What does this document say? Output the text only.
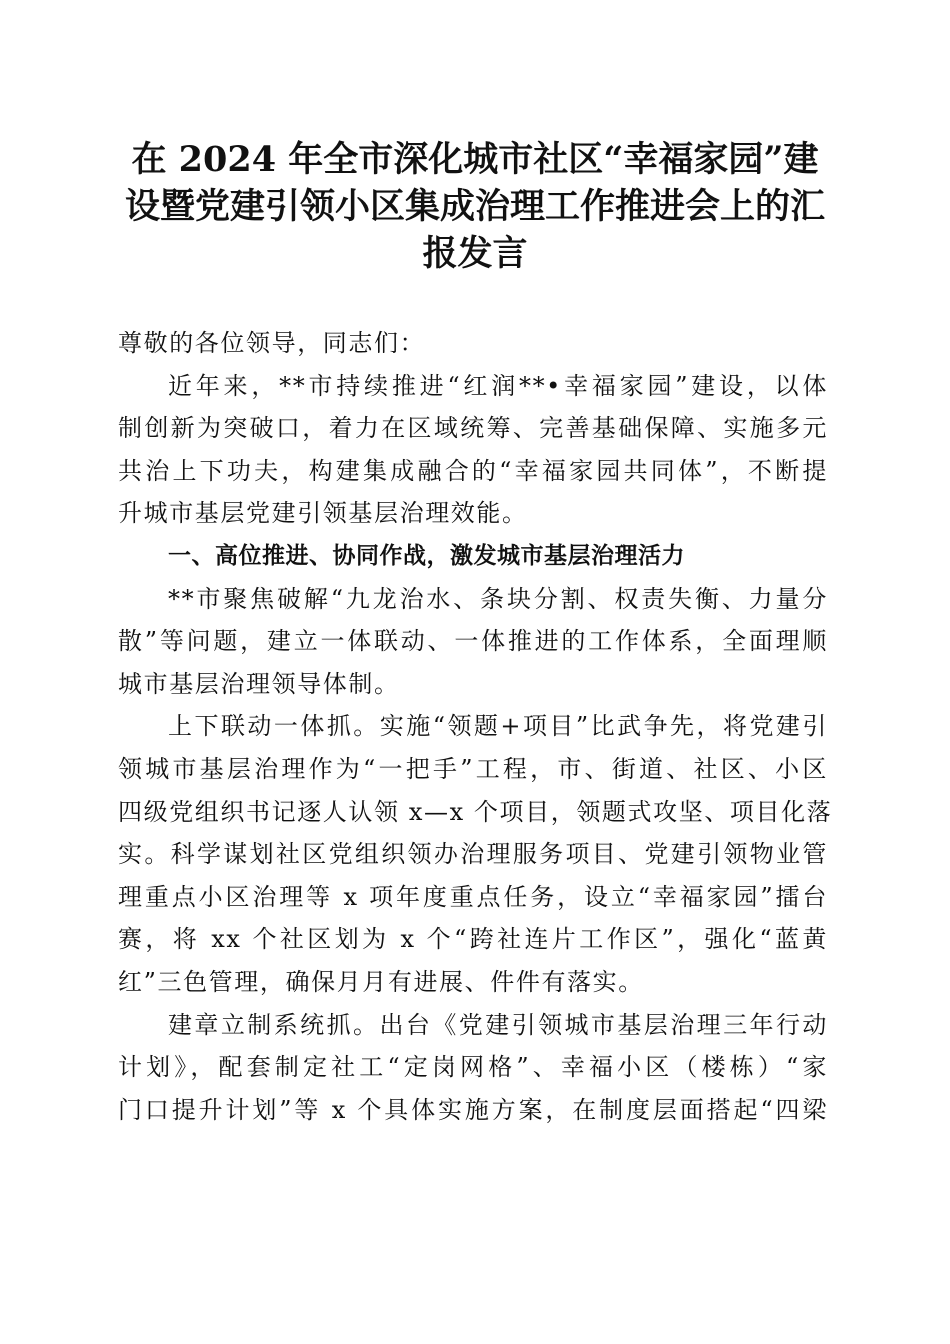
在 2024 年全市深化城市社区“幸福家园”建
设暨党建引领小区集成治理工作推进会上的汇
报发言
尊敬的各位领导，同志们：
近年来，**市持续推进“红润**•幸福家园”建设，以体
制创新为突破口，着力在区域统筹、完善基础保障、实施多元
共治上下功夫，构建集成融合的“幸福家园共同体”，不断提
升城市基层党建引领基层治理效能。
一、高位推进、协同作战，激发城市基层治理活力
**市聚焦破解“九龙治水、条块分割、权责失衡、力量分
散”等问题，建立一体联动、一体推进的工作体系，全面理顺
城市基层治理领导体制。
上下联动一体抓。实施“领题+项目”比武争先，将党建引
领城市基层治理作为“一把手”工程，市、街道、社区、小区
四级党组织书记逐人认领 x—x 个项目，领题式攻坚、项目化落
实。科学谋划社区党组织领办治理服务项目、党建引领物业管
理重点小区治理等 x 项年度重点任务，设立“幸福家园”擂台
赛，将 xx 个社区划为 x 个“跨社连片工作区”，强化“蓝黄
红”三色管理，确保月月有进展、件件有落实。
建章立制系统抓。出台《党建引领城市基层治理三年行动
计划》，配套制定社工“定岗网格”、幸福小区（楼栋）“家
门口提升计划”等 x 个具体实施方案，在制度层面搭起“四梁
